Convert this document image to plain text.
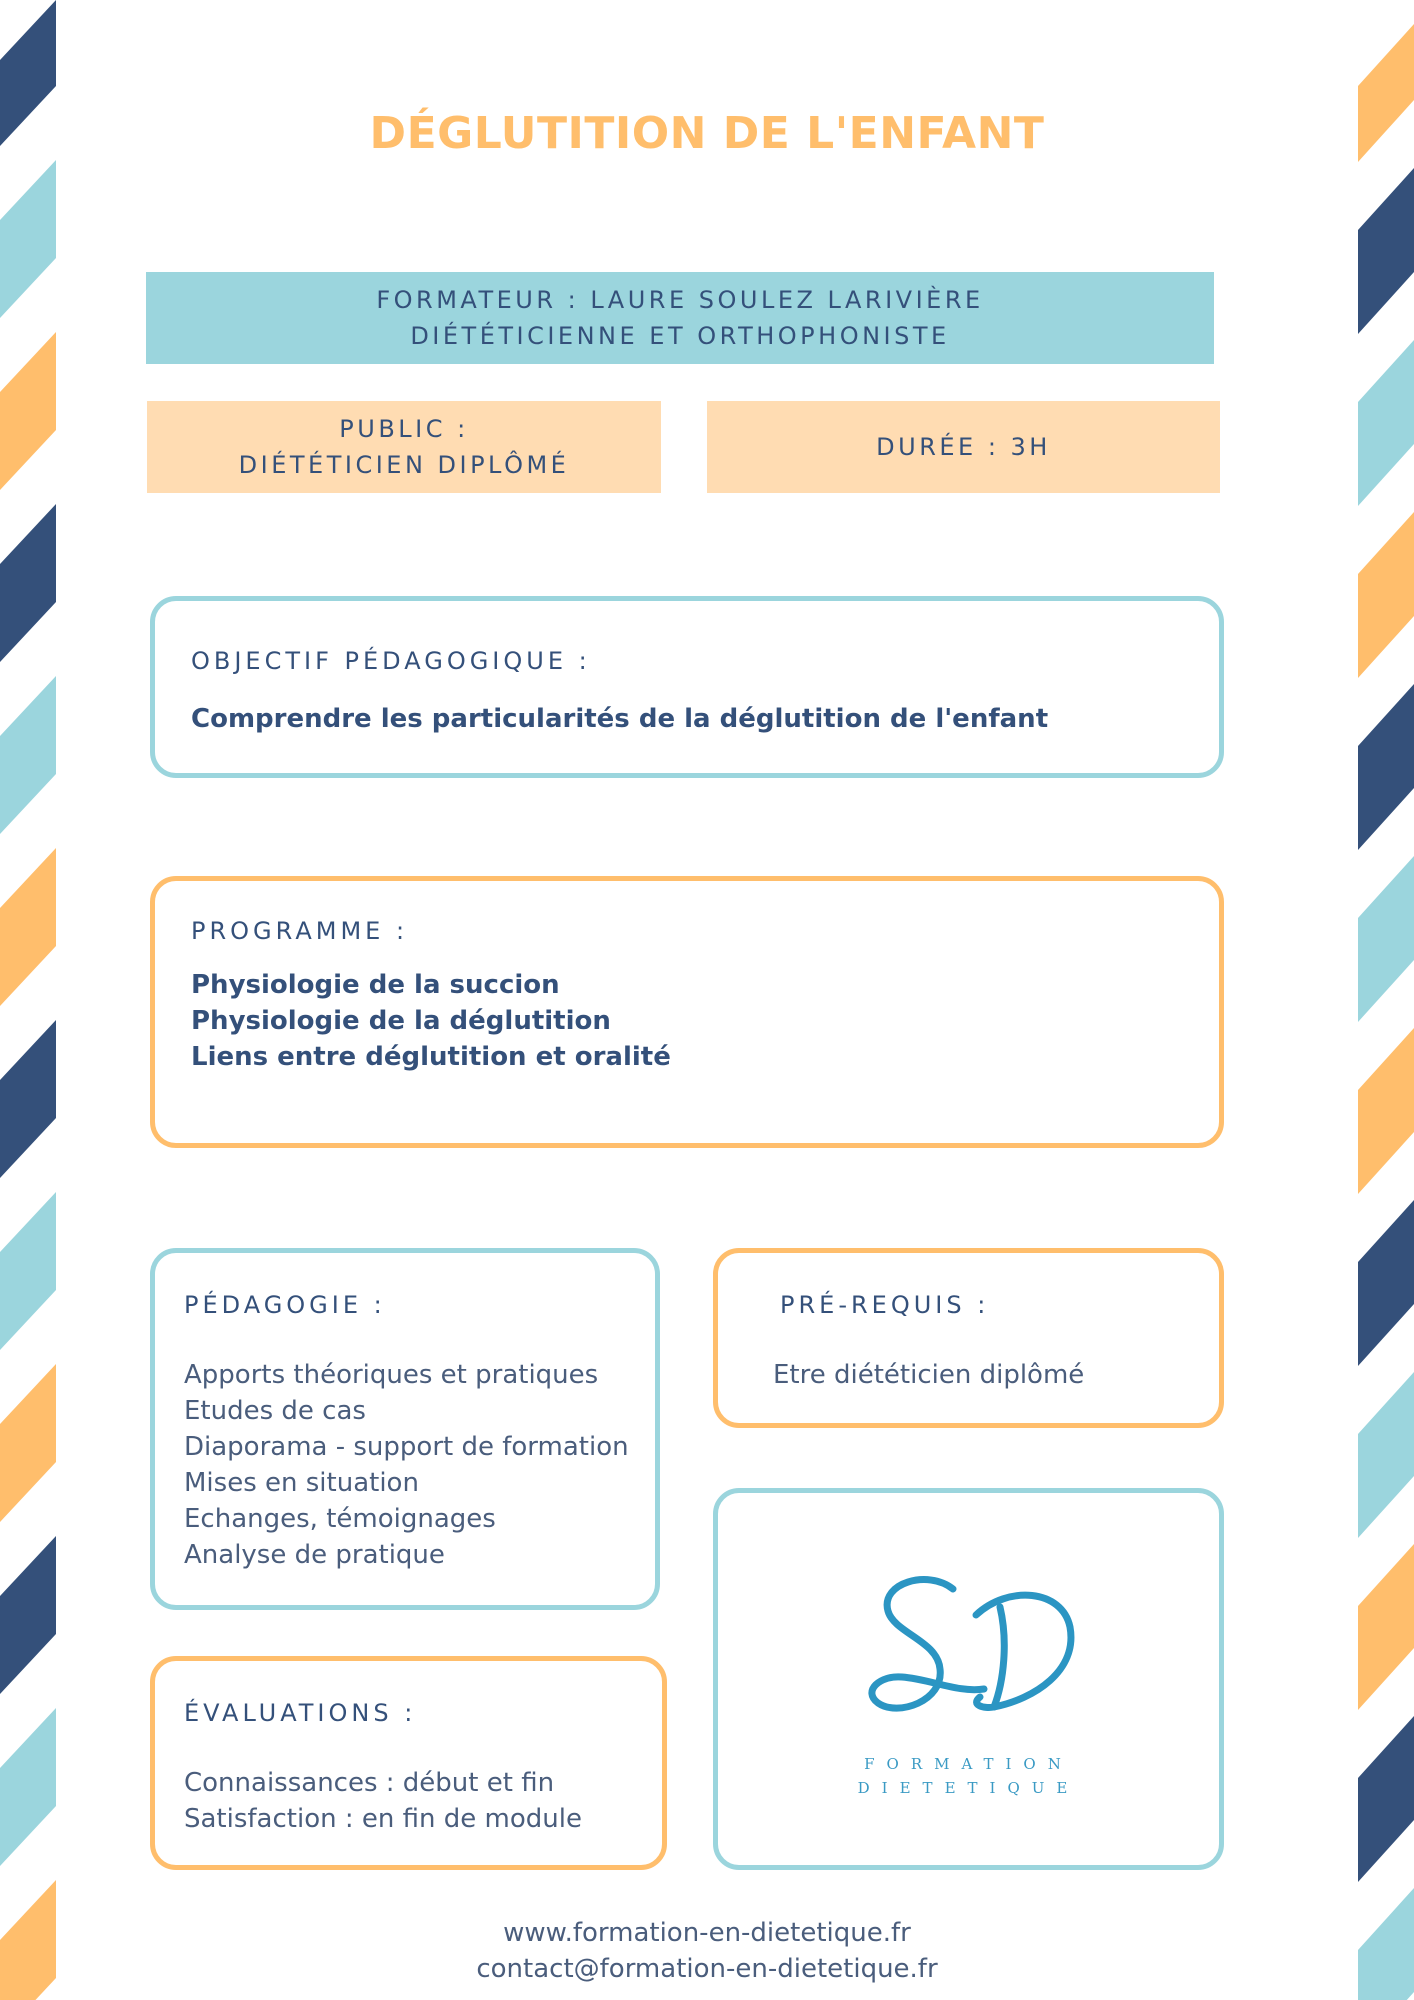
DÉGLUTITION DE L'ENFANT
FORMATEUR : LAURE SOULEZ LARIVIÈRE
DIÉTÉTICIENNE ET ORTHOPHONISTE
PUBLIC :
DIÉTÉTICIEN DIPLÔMÉ
DURÉE : 3H
OBJECTIF PÉDAGOGIQUE :
Comprendre les particularités de la déglutition de l'enfant
PROGRAMME :
Physiologie de la succion
Physiologie de la déglutition
Liens entre déglutition et oralité
PÉDAGOGIE :
Apports théoriques et pratiques
Etudes de cas
Diaporama - support de formation
Mises en situation
Echanges, témoignages
Analyse de pratique
PRÉ-REQUIS :
Etre diététicien diplômé
ÉVALUATIONS :
Connaissances : début et fin
Satisfaction : en fin de module
SD
FORMATION
DIETETIQUE
www.formation-en-dietetique.fr
contact@formation-en-dietetique.fr
